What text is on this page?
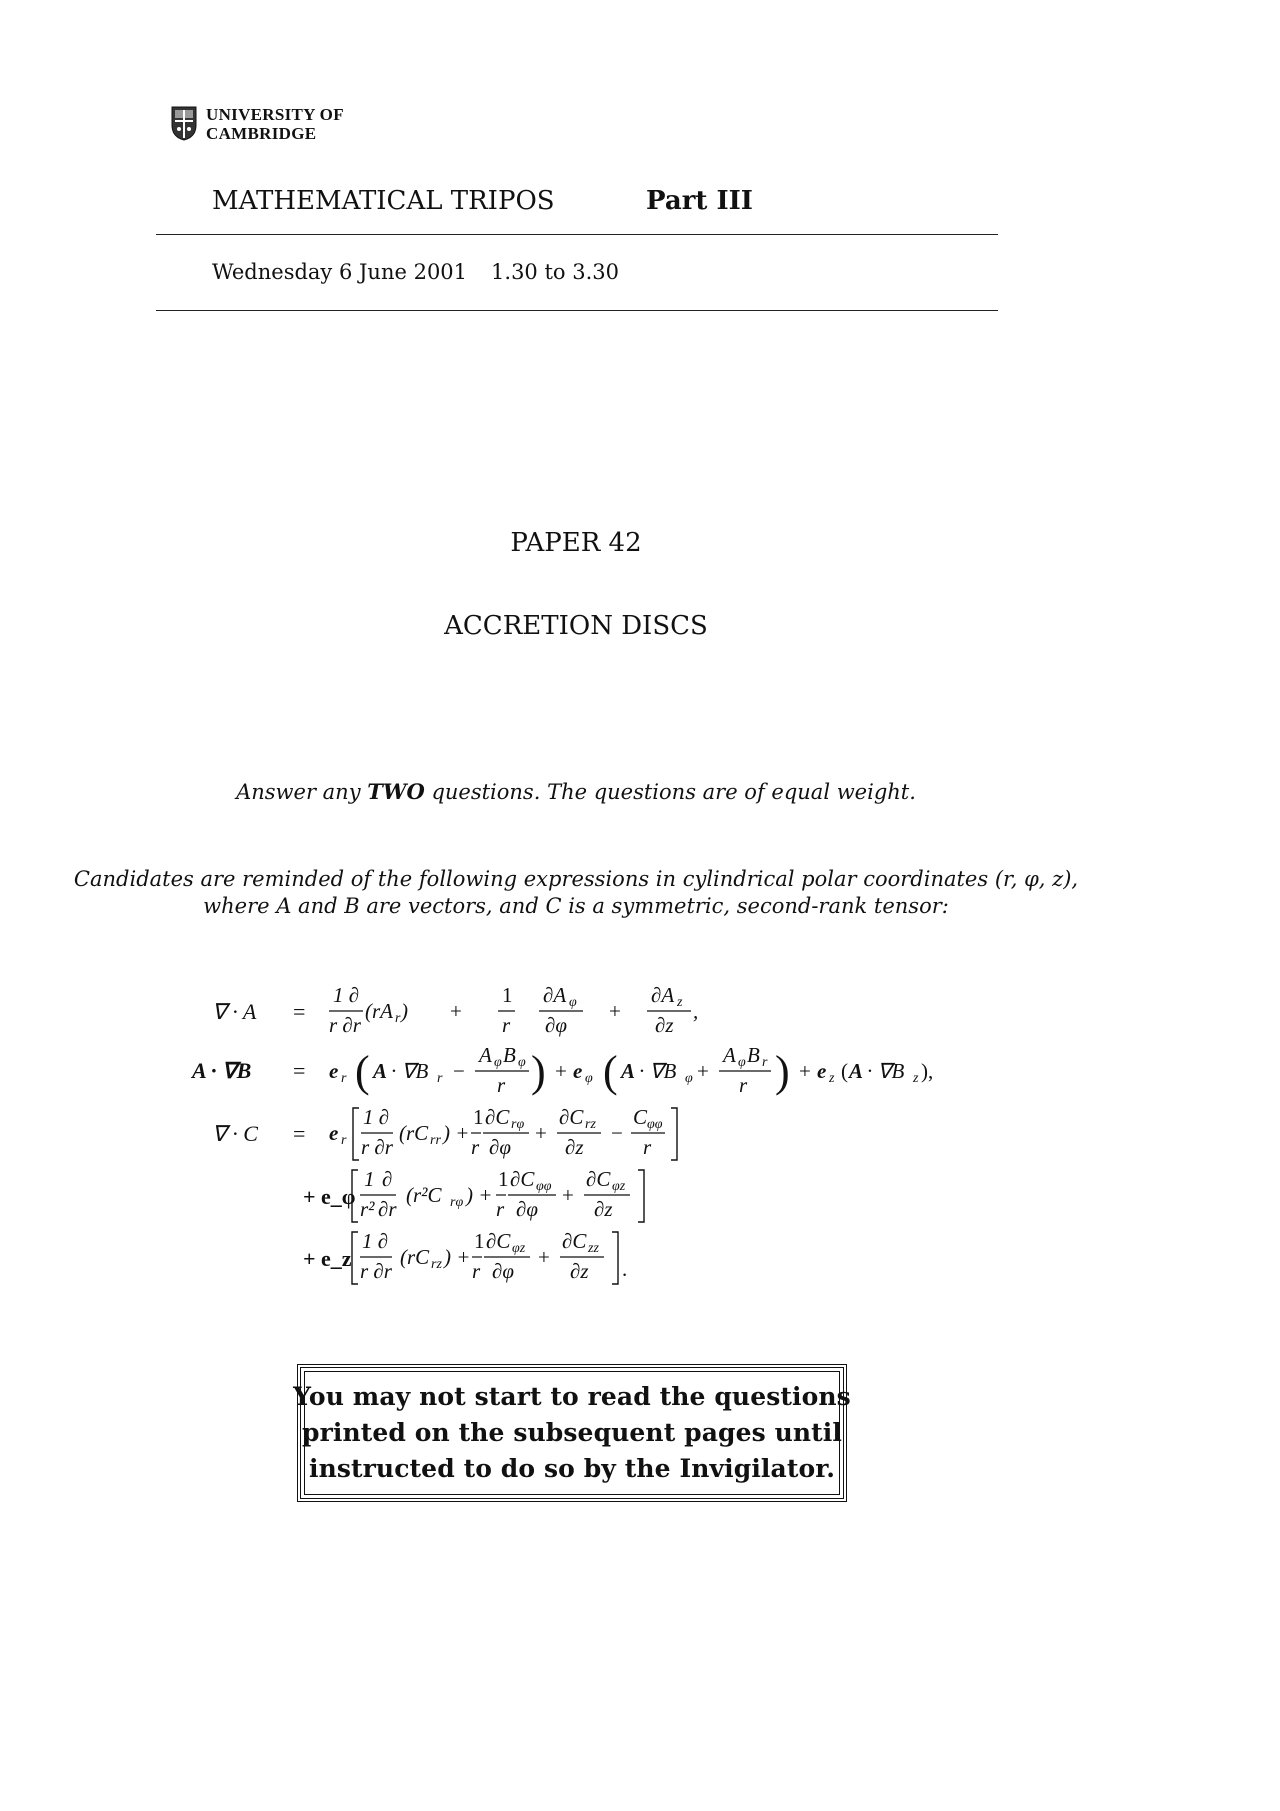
UNIVERSITY OF
CAMBRIDGE
MATHEMATICAL TRIPOS	Part III
Wednesday 6 June 2001 1.30 to 3.30
PAPER 42
ACCRETION DISCS
Answer any TWO questions. The questions are of equal weight.
Candidates are reminded of the following expressions in cylindrical polar coordinates (r, φ, z),
where A and B are vectors, and C is a symmetric, second-rank tensor:
∇ · A =
1 ∂
r ∂r
(rA r ) +
1
r
∂A φ
∂φ
+
∂A z
∂z
,
A · ∇B = e r ( A · ∇B r −
A φ B φ
r ) + e φ ( A · ∇B φ +
A φ B r
r ) + e z ( A · ∇B z ),
∇ · C = e r
1 ∂
r ∂r
(rC rr ) +
1
r
∂C rφ
∂φ
+
∂C rz
∂z
−
C φφ
r
+ e_φ
1 ∂
r² ∂r
(r²C rφ ) +
1
r
∂C φφ
∂φ
+
∂C φz
∂z
+ e_z
1 ∂
r ∂r
(rC rz ) +
1
r
∂C φz
∂φ
+
∂C zz
∂z .
You may not start to read the questions
printed on the subsequent pages until
instructed to do so by the Invigilator.
